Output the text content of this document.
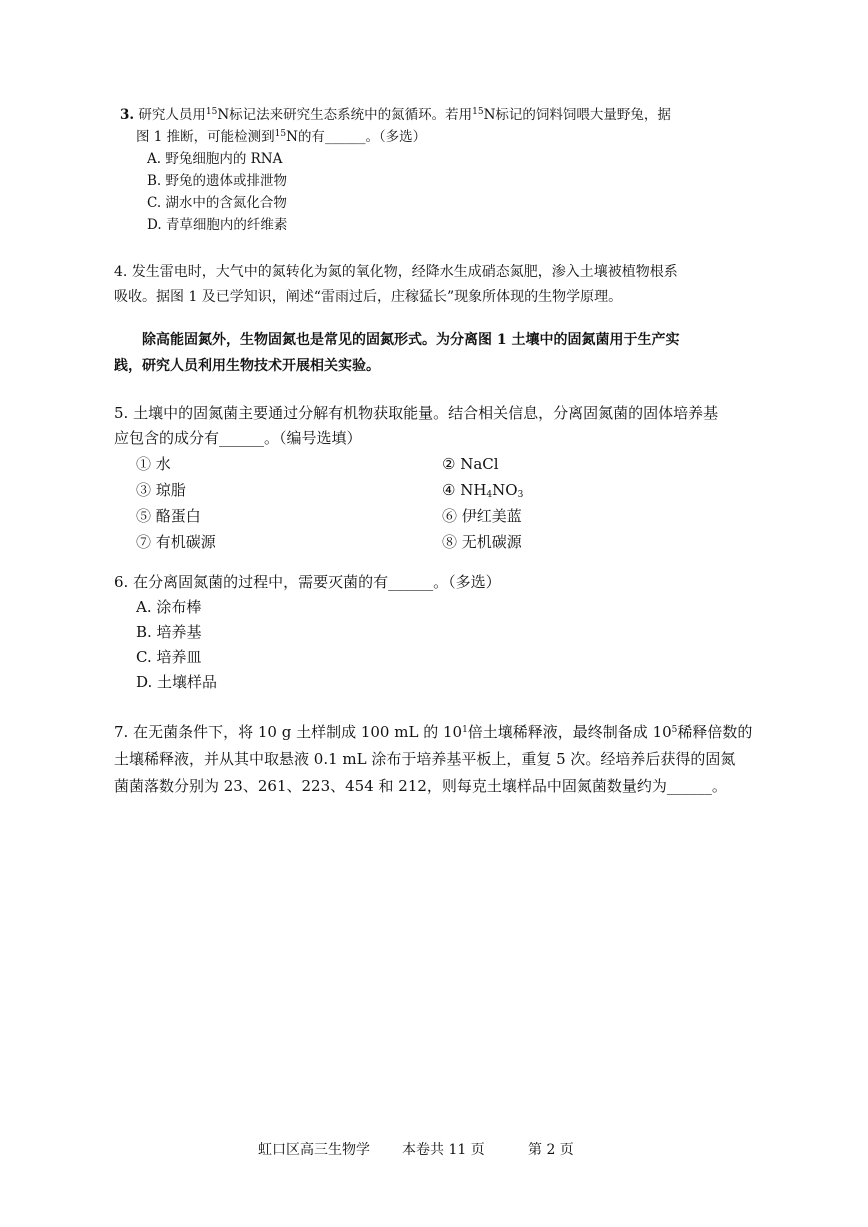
3. 研究人员用$^{15}$N标记法来研究生态系统中的氮循环。若用$^{15}$N标记的饲料饲喂大量野兔，据
图 1 推断，可能检测到$^{15}$N的有______。（多选）
A. 野兔细胞内的 RNA
B. 野兔的遗体或排泄物
C. 湖水中的含氮化合物
D. 青草细胞内的纤维素
4. 发生雷电时，大气中的氮转化为氮的氧化物，经降水生成硝态氮肥，渗入土壤被植物根系
吸收。据图 1 及已学知识，阐述“雷雨过后，庄稼猛长”现象所体现的生物学原理。
除高能固氮外，生物固氮也是常见的固氮形式。为分离图 1 土壤中的固氮菌用于生产实
践，研究人员利用生物技术开展相关实验。
5. 土壤中的固氮菌主要通过分解有机物获取能量。结合相关信息，分离固氮菌的固体培养基
应包含的成分有______。（编号选填）
① 水	② NaCl
③ 琼脂	④ $NH_4NO_3$
⑤ 酪蛋白	⑥ 伊红美蓝
⑦ 有机碳源	⑧ 无机碳源
6. 在分离固氮菌的过程中，需要灭菌的有______。（多选）
A. 涂布棒
B. 培养基
C. 培养皿
D. 土壤样品
7. 在无菌条件下，将 10 g 土样制成 100 mL 的 $10^1$倍土壤稀释液，最终制备成 $10^5$稀释倍数的
土壤稀释液，并从其中取悬液 0.1 mL 涂布于培养基平板上，重复 5 次。经培养后获得的固氮
菌菌落数分别为 23、261、223、454 和 212，则每克土壤样品中固氮菌数量约为______。
虹口区高三生物学 本卷共 11 页	第 2 页
